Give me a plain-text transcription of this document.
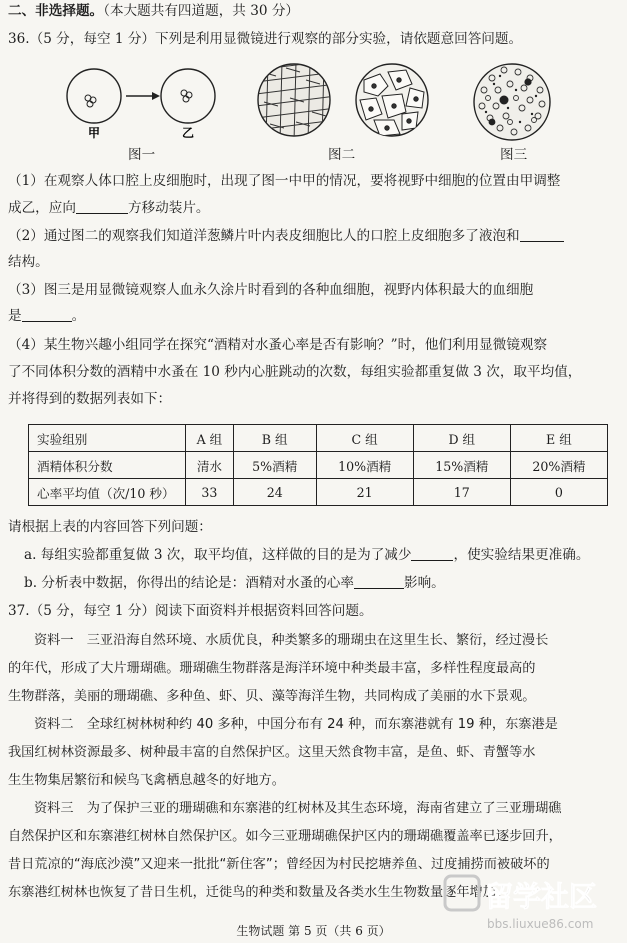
二、非选择题。（本大题共有四道题，共 30 分）
36.（5 分，每空 1 分）下列是利用显微镜进行观察的部分实验，请依题意回答问题。
甲	乙
图一	图二	图三
（1）在观察人体口腔上皮细胞时，出现了图一中甲的情况，要将视野中细胞的位置由甲调整
成乙，应向	方移动装片。
（2）通过图二的观察我们知道洋葱鳞片叶内表皮细胞比人的口腔上皮细胞多了液泡和
结构。
（3）图三是用显微镜观察人血永久涂片时看到的各种血细胞，视野内体积最大的血细胞
是	。
（4）某生物兴趣小组同学在探究“酒精对水蚤心率是否有影响？”时，他们利用显微镜观察
了不同体积分数的酒精中水蚤在 10 秒内心脏跳动的次数，每组实验都重复做 3 次，取平均值，
并将得到的数据列表如下：
实验组别	A 组	B 组	C 组	D 组	E 组
酒精体积分数	清水	5%酒精	10%酒精	15%酒精	20%酒精
心率平均值（次/10 秒）	33	24	21	17	0
请根据上表的内容回答下列问题：
a. 每组实验都重复做 3 次，取平均值，这样做的目的是为了减少	，使实验结果更准确。
b. 分析表中数据，你得出的结论是：酒精对水蚤的心率	影响。
37.（5 分，每空 1 分）阅读下面资料并根据资料回答问题。
资料一　三亚沿海自然环境、水质优良，种类繁多的珊瑚虫在这里生长、繁衍，经过漫长
的年代，形成了大片珊瑚礁。珊瑚礁生物群落是海洋环境中种类最丰富，多样性程度最高的
生物群落，美丽的珊瑚礁、多种鱼、虾、贝、藻等海洋生物，共同构成了美丽的水下景观。
资料二　全球红树林树种约 40 多种，中国分布有 24 种，而东寨港就有 19 种，东寨港是
我国红树林资源最多、树种最丰富的自然保护区。这里天然食物丰富，是鱼、虾、青蟹等水
生生物集居繁衍和候鸟飞禽栖息越冬的好地方。
资料三　为了保护三亚的珊瑚礁和东寨港的红树林及其生态环境，海南省建立了三亚珊瑚礁
自然保护区和东寨港红树林自然保护区。如今三亚珊瑚礁保护区内的珊瑚礁覆盖率已逐步回升，
昔日荒凉的“海底沙漠”又迎来一批批“新住客”；曾经因为村民挖塘养鱼、过度捕捞而被破坏的
东寨港红树林也恢复了昔日生机，迁徙鸟的种类和数量及各类水生生物数量逐年增加。
留学社区
bbs.liuxue86.com
生物试题 第 5 页（共 6 页）
